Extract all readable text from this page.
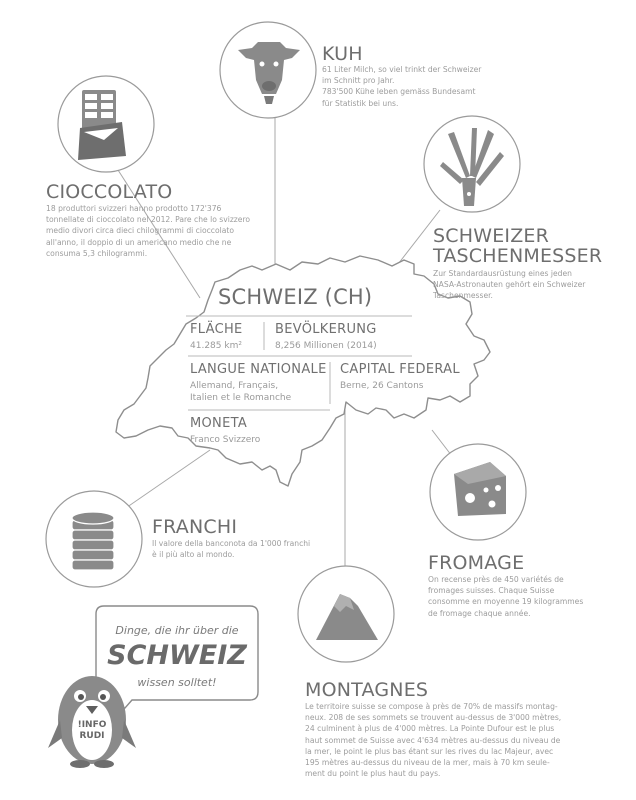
SCHWEIZ (CH)
FLÄCHE
41.285 km²
BEVÖLKERUNG
8,256 Millionen (2014)
LANGUE NATIONALE
Allemand, Français,
Italien et le Romanche
CAPITAL FEDERAL
Berne, 26 Cantons
MONETA
Franco Svizzero
KUH
61 Liter Milch, so viel trinkt der Schweizer
im Schnitt pro Jahr.
783'500 Kühe leben gemäss Bundesamt
für Statistik bei uns.
CIOCCOLATO
18 produttori svizzeri hanno prodotto 172'376
tonnellate di cioccolato nel 2012. Pare che lo svizzero
medio divori circa dieci chilogrammi di cioccolato
all'anno, il doppio di un americano medio che ne
consuma 5,3 chilogrammi.
SCHWEIZER
TASCHENMESSER
Zur Standardausrüstung eines jeden
NASA-Astronauten gehört ein Schweizer
Taschenmesser.
FRANCHI
Il valore della banconota da 1'000 franchi
è il più alto al mondo.	FROMAGE
On recense près de 450 variétés de
fromages suisses. Chaque Suisse
consomme en moyenne 19 kilogrammes
de fromage chaque année.
MONTAGNES
Le territoire suisse se compose à près de 70% de massifs montag-
neux. 208 de ses sommets se trouvent au-dessus de 3'000 mètres,
24 culminent à plus de 4'000 mètres. La Pointe Dufour est le plus
haut sommet de Suisse avec 4'634 mètres au-dessus du niveau de
la mer, le point le plus bas étant sur les rives du lac Majeur, avec
195 mètres au-dessus du niveau de la mer, mais à 70 km seule-
ment du point le plus haut du pays.
Dinge, die ihr über die
SCHWEIZ
wissen solltet!
!INFO
RUDI
